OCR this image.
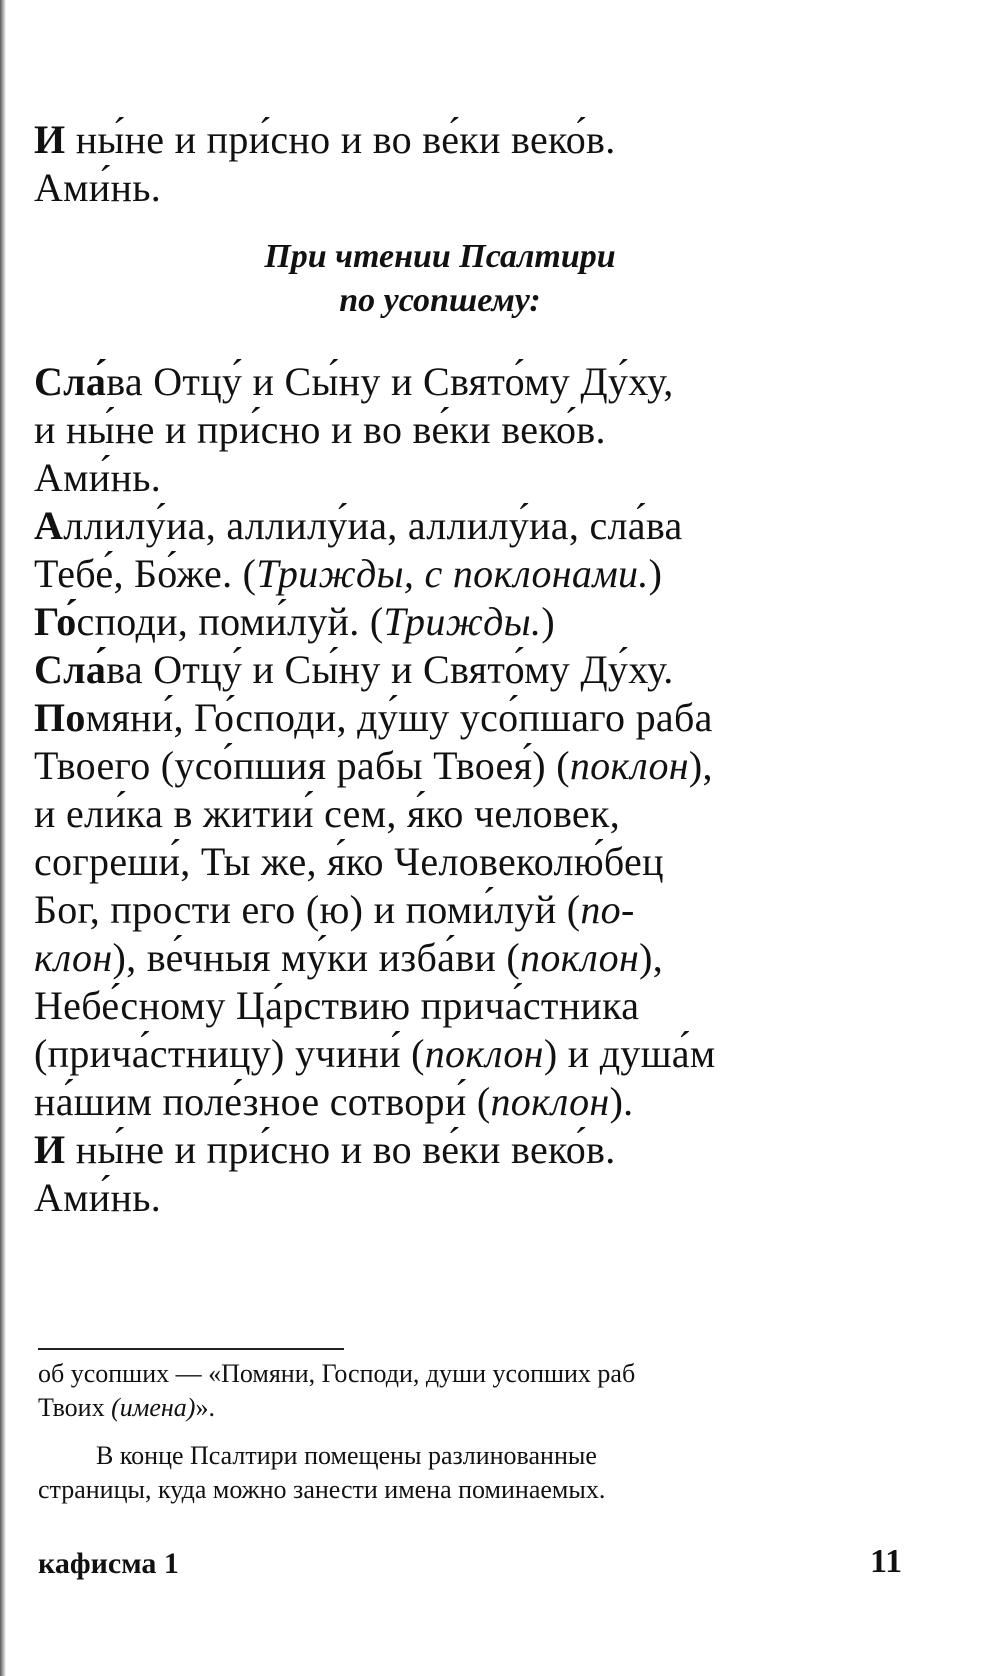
И ны́не и при́сно и во ве́ки веко́в.
Ами́нь.
При чтении Псалтири
по усопшему:
Сла́ва Отцу́ и Сы́ну и Свято́му Ду́ху,
и ны́не и при́сно и во ве́ки веко́в.
Ами́нь.
Аллилу́иа, аллилу́иа, аллилу́иа, сла́ва
Тебе́, Бо́же. (Трижды, с поклонами.)
Го́споди, поми́луй. (Трижды.)
Сла́ва Отцу́ и Сы́ну и Свято́му Ду́ху.
Помяни́, Го́споди, ду́шу усо́пшаго раба
Твоего (усо́пшия рабы Твоея́) (поклон),
и ели́ка в житии́ сем, я́ко человек,
согреши́, Ты же, я́ко Человеколю́бец
Бог, прости его (ю) и поми́луй (по-
клон), ве́чныя му́ки изба́ви (поклон),
Небе́сному Ца́рствию прича́стника
(прича́стницу) учини́ (поклон) и душа́м
на́шим поле́зное сотвори́ (поклон).
И ны́не и при́сно и во ве́ки веко́в.
Ами́нь.
об усопших — «Помяни, Господи, души усопших раб
Твоих (имена)».
В конце Псалтири помещены разлинованные
страницы, куда можно занести имена поминаемых.
кафисма 1	11
